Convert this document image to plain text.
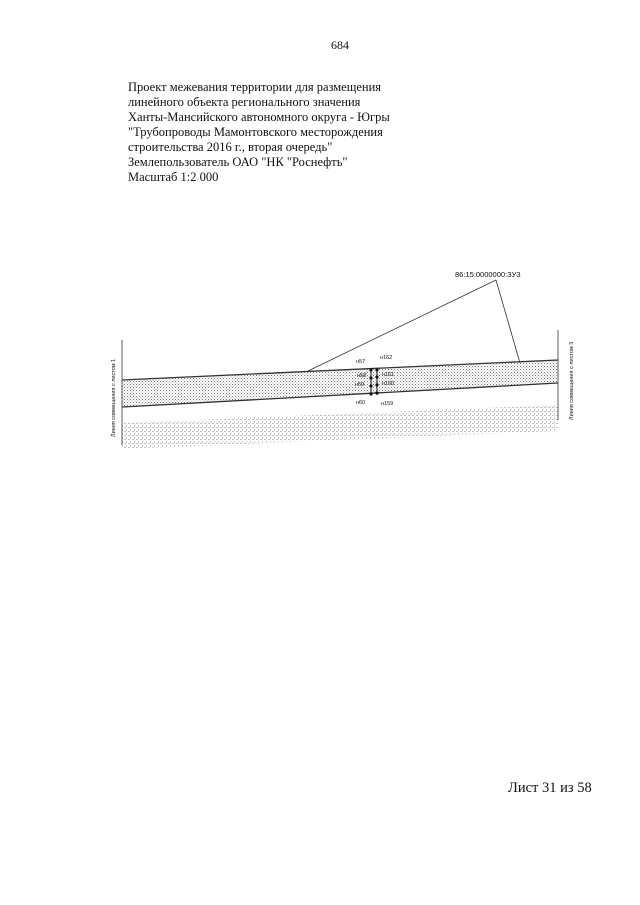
684
Проект межевания территории для размещения
линейного объекта регионального значения
Ханты-Мансийского автономного округа - Югры
"Трубопроводы Мамонтовского месторождения
строительства 2016 г., вторая очередь"
Землепользователь ОАО "НК "Роснефть"
Масштаб 1:2 000
86:15:0000000:ЗУ3
н57
н58
н59
н60
н162
н161
н160
н159
Линия совмещения с листом 1	Линия совмещения с листом 3
Лист 31 из 58
